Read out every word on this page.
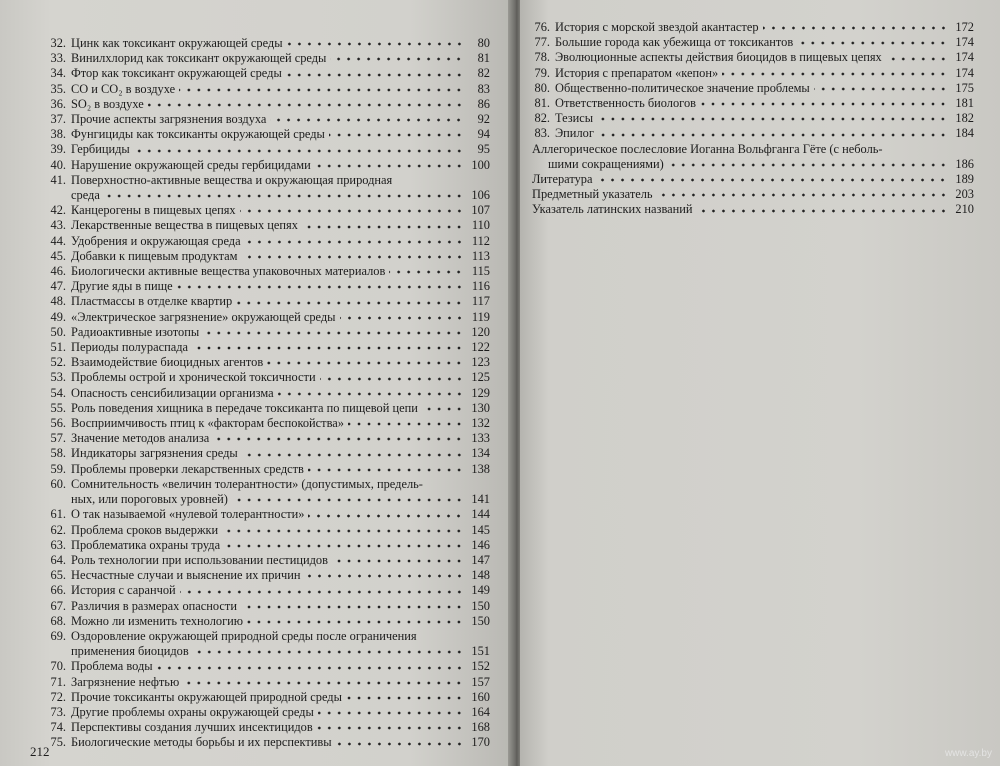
32. Цинк как токсикант окружающей среды	80
33. Винилхлорид как токсикант окружающей среды	81
34. Фтор как токсикант окружающей среды	82
35. CO и CO₂ в воздухе	83
36. SO₂ в воздухе	86
37. Прочие аспекты загрязнения воздуха	92
38. Фунгициды как токсиканты окружающей среды	94
39. Гербициды	95
40. Нарушение окружающей среды гербицидами	100
41. Поверхностно-активные вещества и окружающая природная
среда	106
42. Канцерогены в пищевых цепях	107
43. Лекарственные вещества в пищевых цепях	110
44. Удобрения и окружающая среда	112
45. Добавки к пищевым продуктам	113
46. Биологически активные вещества упаковочных материалов	115
47. Другие яды в пище	116
48. Пластмассы в отделке квартир	117
49. «Электрическое загрязнение» окружающей среды	119
50. Радиоактивные изотопы	120
51. Периоды полураспада	122
52. Взаимодействие биоцидных агентов	123
53. Проблемы острой и хронической токсичности	125
54. Опасность сенсибилизации организма	129
55. Роль поведения хищника в передаче токсиканта по пищевой цепи	130
56. Восприимчивость птиц к «факторам беспокойства»	132
57. Значение методов анализа	133
58. Индикаторы загрязнения среды	134
59. Проблемы проверки лекарственных средств	138
60. Сомнительность «величин толерантности» (допустимых, предель-
ных, или пороговых уровней)	141
61. О так называемой «нулевой толерантности»	144
62. Проблема сроков выдержки	145
63. Проблематика охраны труда	146
64. Роль технологии при использовании пестицидов	147
65. Несчастные случаи и выяснение их причин	148
66. История с саранчой	149
67. Различия в размерах опасности	150
68. Можно ли изменить технологию	150
69. Оздоровление окружающей природной среды после ограничения
применения биоцидов	151
70. Проблема воды	152
71. Загрязнение нефтью	157
72. Прочие токсиканты окружающей природной среды	160
73. Другие проблемы охраны окружающей среды	164
74. Перспективы создания лучших инсектицидов	168
75. Биологические методы борьбы и их перспективы	170
212
76. История с морской звездой акантастер	172
77. Большие города как убежища от токсикантов	174
78. Эволюционные аспекты действия биоцидов в пищевых цепях	174
79. История с препаратом «кепон»	174
80. Общественно-политическое значение проблемы	175
81. Ответственность биологов	181
82. Тезисы	182
83. Эпилог	184
Аллегорическое послесловие Иоганна Вольфганга Гёте (с неболь-
шими сокращениями)	186
Литература	189
Предметный указатель	203
Указатель латинских названий	210
www.ay.by
